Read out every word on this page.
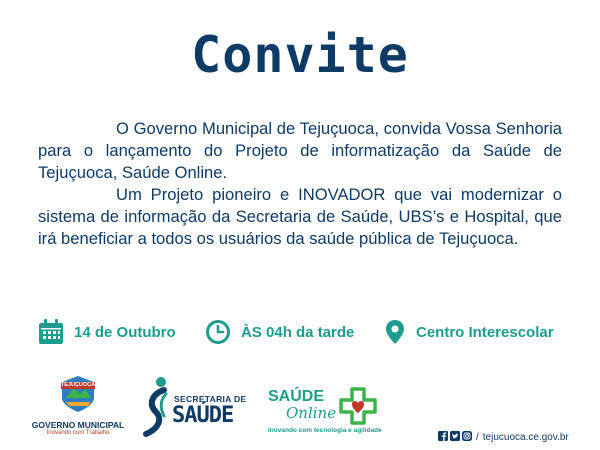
Convite

O Governo Municipal de Tejuçuoca, convida Vossa Senhoria para o lançamento do Projeto de informatização da Saúde de Tejuçuoca, Saúde Online.

Um Projeto pioneiro e INOVADOR que vai modernizar o sistema de informação da Secretaria de Saúde, UBS’s e Hospital, que irá beneficiar a todos os usuários da saúde pública de Tejuçuoca.

14 de Outubro	ÀS 04h da tarde	Centro Interescolar
TEJUÇUOCA
GOVERNO MUNICIPAL
Inovando com Trabalho
SECRETARIA DE
SAÚDE
SAÚDE
Online
Inovando com tecnologia e agilidade
/ tejucuoca.ce.gov.br
